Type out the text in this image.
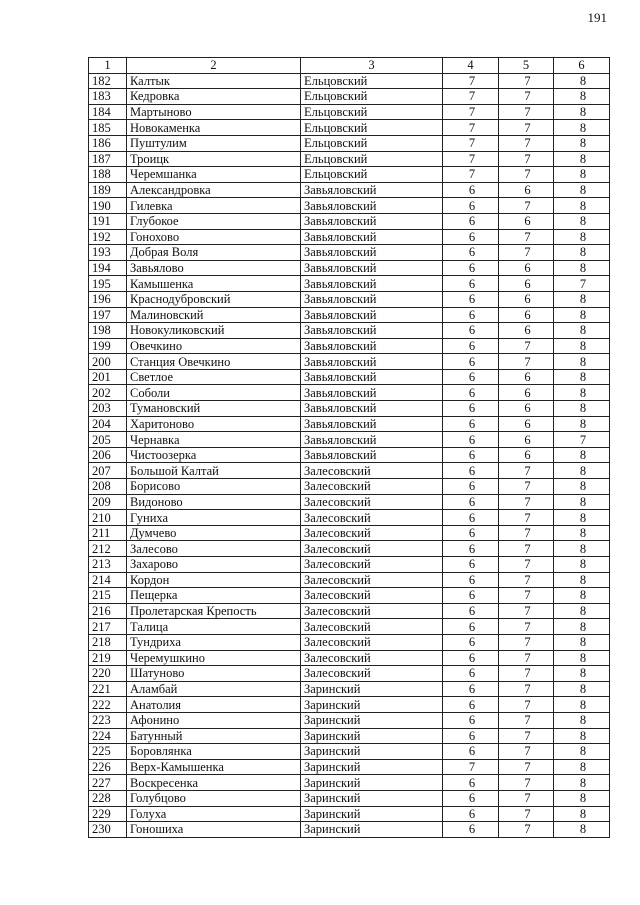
191
1	2	3	4	5	6
182	Калтык	Ельцовский	7	7	8
183	Кедровка	Ельцовский	7	7	8
184	Мартыново	Ельцовский	7	7	8
185	Новокаменка	Ельцовский	7	7	8
186	Пуштулим	Ельцовский	7	7	8
187	Троицк	Ельцовский	7	7	8
188	Черемшанка	Ельцовский	7	7	8
189	Александровка	Завьяловский	6	6	8
190	Гилевка	Завьяловский	6	7	8
191	Глубокое	Завьяловский	6	6	8
192	Гонохово	Завьяловский	6	7	8
193	Добрая Воля	Завьяловский	6	7	8
194	Завьялово	Завьяловский	6	6	8
195	Камышенка	Завьяловский	6	6	7
196	Краснодубровский	Завьяловский	6	6	8
197	Малиновский	Завьяловский	6	6	8
198	Новокуликовский	Завьяловский	6	6	8
199	Овечкино	Завьяловский	6	7	8
200	Станция Овечкино	Завьяловский	6	7	8
201	Светлое	Завьяловский	6	6	8
202	Соболи	Завьяловский	6	6	8
203	Тумановский	Завьяловский	6	6	8
204	Харитоново	Завьяловский	6	6	8
205	Чернавка	Завьяловский	6	6	7
206	Чистоозерка	Завьяловский	6	6	8
207	Большой Калтай	Залесовский	6	7	8
208	Борисово	Залесовский	6	7	8
209	Видоново	Залесовский	6	7	8
210	Гуниха	Залесовский	6	7	8
211	Думчево	Залесовский	6	7	8
212	Залесово	Залесовский	6	7	8
213	Захарово	Залесовский	6	7	8
214	Кордон	Залесовский	6	7	8
215	Пещерка	Залесовский	6	7	8
216	Пролетарская Крепость	Залесовский	6	7	8
217	Талица	Залесовский	6	7	8
218	Тундриха	Залесовский	6	7	8
219	Черемушкино	Залесовский	6	7	8
220	Шатуново	Залесовский	6	7	8
221	Аламбай	Заринский	6	7	8
222	Анатолия	Заринский	6	7	8
223	Афонино	Заринский	6	7	8
224	Батунный	Заринский	6	7	8
225	Боровлянка	Заринский	6	7	8
226	Верх-Камышенка	Заринский	7	7	8
227	Воскресенка	Заринский	6	7	8
228	Голубцово	Заринский	6	7	8
229	Голуха	Заринский	6	7	8
230	Гоношиха	Заринский	6	7	8
